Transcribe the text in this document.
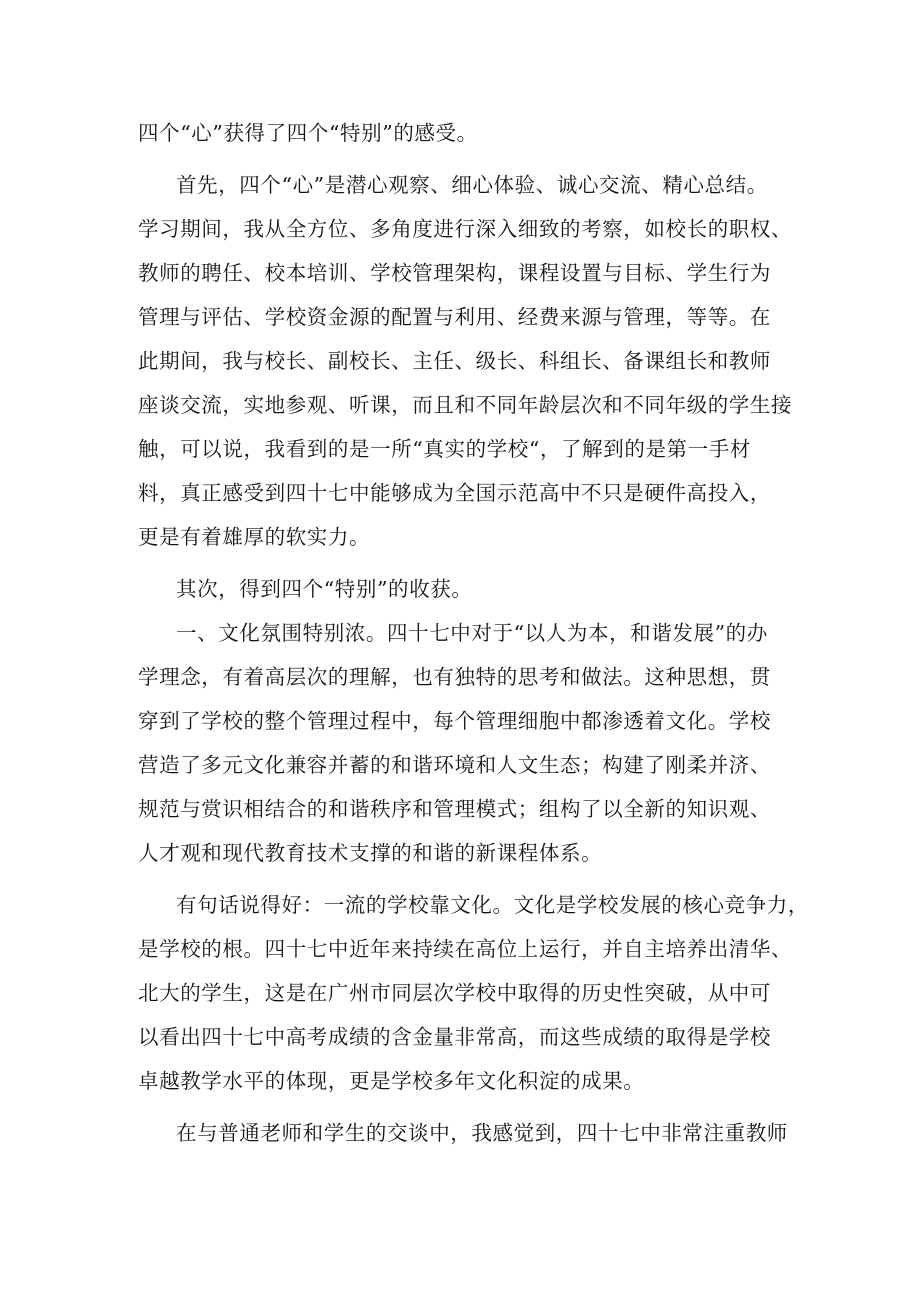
四个“心”获得了四个“特别”的感受。
首先，四个“心”是潜心观察、细心体验、诚心交流、精心总结。
学习期间，我从全方位、多角度进行深入细致的考察，如校长的职权、
教师的聘任、校本培训、学校管理架构，课程设置与目标、学生行为
管理与评估、学校资金源的配置与利用、经费来源与管理，等等。在
此期间，我与校长、副校长、主任、级长、科组长、备课组长和教师
座谈交流，实地参观、听课，而且和不同年龄层次和不同年级的学生接
触，可以说，我看到的是一所“真实的学校“，了解到的是第一手材
料，真正感受到四十七中能够成为全国示范高中不只是硬件高投入，
更是有着雄厚的软实力。
其次，得到四个“特别”的收获。
一、文化氛围特别浓。四十七中对于“以人为本，和谐发展”的办
学理念，有着高层次的理解，也有独特的思考和做法。这种思想，贯
穿到了学校的整个管理过程中，每个管理细胞中都渗透着文化。学校
营造了多元文化兼容并蓄的和谐环境和人文生态；构建了刚柔并济、
规范与赏识相结合的和谐秩序和管理模式；组构了以全新的知识观、
人才观和现代教育技术支撑的和谐的新课程体系。
有句话说得好：一流的学校靠文化。文化是学校发展的核心竞争力，
是学校的根。四十七中近年来持续在高位上运行，并自主培养出清华、
北大的学生，这是在广州市同层次学校中取得的历史性突破，从中可
以看出四十七中高考成绩的含金量非常高，而这些成绩的取得是学校
卓越教学水平的体现，更是学校多年文化积淀的成果。
在与普通老师和学生的交谈中，我感觉到，四十七中非常注重教师
